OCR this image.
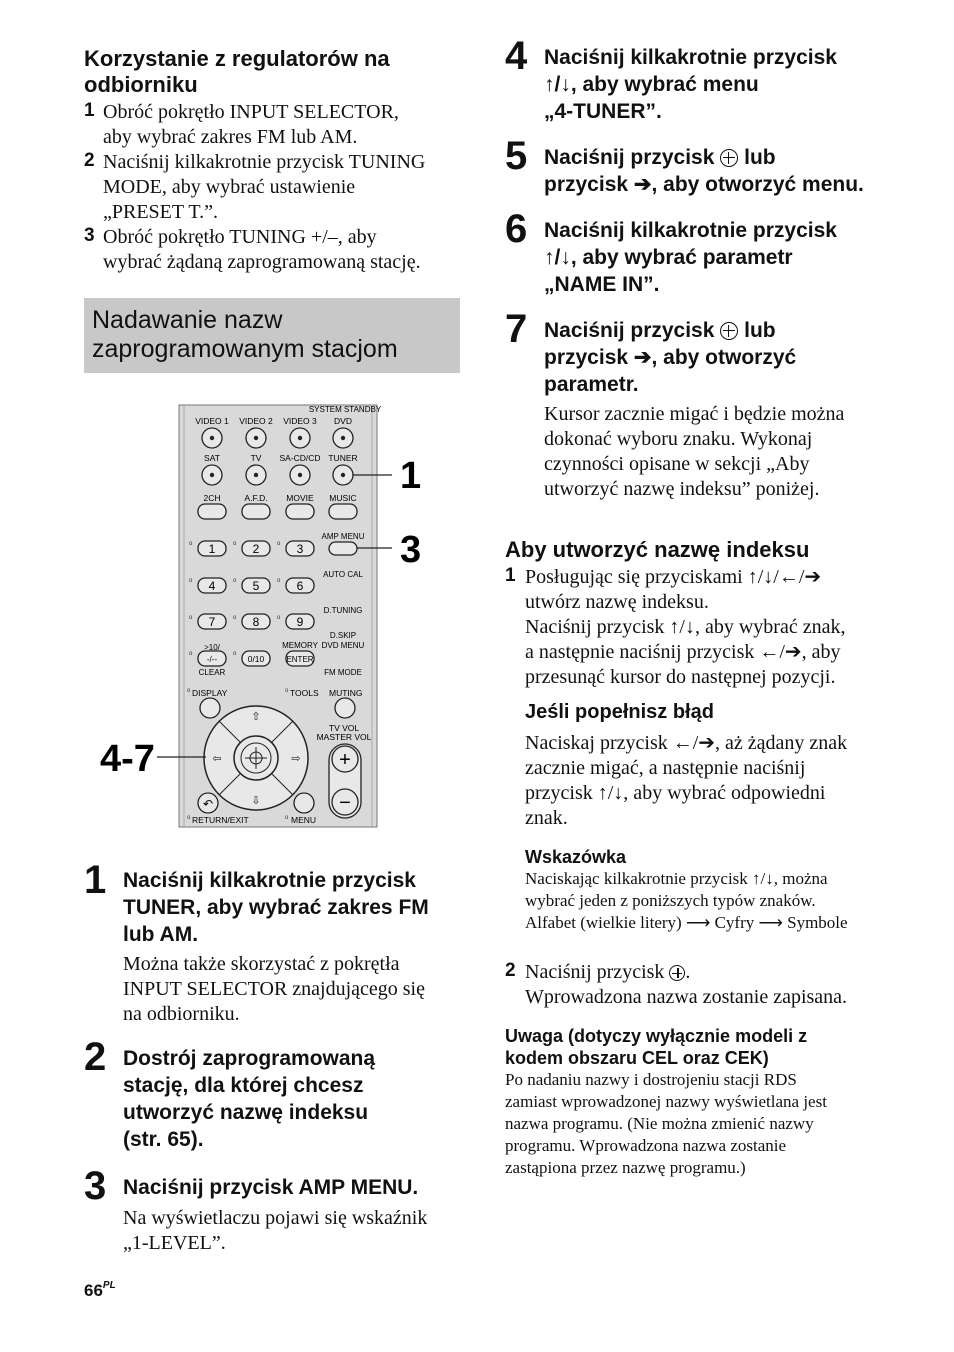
Korzystanie z regulatorów na
odbiorniku
1 Obróć pokrętło INPUT SELECTOR,
aby wybrać zakres FM lub AM.
2 Naciśnij kilkakrotnie przycisk TUNING
MODE, aby wybrać ustawienie
„PRESET T.”.
3 Obróć pokrętło TUNING +/–, aby
wybrać żądaną zaprogramowaną stację.
Nadawanie nazw
zaprogramowanym stacjom
SYSTEM STANDBY
VIDEO 1 VIDEO 2 VIDEO 3 DVD
SAT	TV SA-CD/CD TUNER
2CH	A.F.D. MOVIE MUSIC
AMP MENU
o	o	o
o	o	o
o	o	o
o	o
o	o
o	o
1	2	3
4	5	6
7	8	9
AUTO CAL
D.TUNING
D.SKIP
DVD MENU
FM MODE
MEMORY
>10/
-/--
CLEAR
0/10	ENTER
DISPLAY	TOOLS MUTING
⇧
⇩
⇦	⇨
TV VOL
MASTER VOL
+
−
↶
RETURN/EXIT	MENU
1
3
4-7
1 Naciśnij kilkakrotnie przycisk
TUNER, aby wybrać zakres FM
lub AM.
Można także skorzystać z pokrętła
INPUT SELECTOR znajdującego się
na odbiorniku.
2 Dostrój zaprogramowaną
stację, dla której chcesz
utworzyć nazwę indeksu
(str. 65).
3 Naciśnij przycisk AMP MENU.
Na wyświetlaczu pojawi się wskaźnik
„1-LEVEL”.
$66^{PL}$
4 Naciśnij kilkakrotnie przycisk
↑/↓, aby wybrać menu
„4-TUNER”.
5 Naciśnij przycisk lub
przycisk ➔, aby otworzyć menu.
6 Naciśnij kilkakrotnie przycisk
↑/↓, aby wybrać parametr
„NAME IN”.
7 Naciśnij przycisk lub
przycisk ➔, aby otworzyć
parametr.
Kursor zacznie migać i będzie można
dokonać wyboru znaku. Wykonaj
czynności opisane w sekcji „Aby
utworzyć nazwę indeksu” poniżej.
Aby utworzyć nazwę indeksu
1 Posługując się przyciskami ↑/↓/←/➔
utwórz nazwę indeksu.
Naciśnij przycisk ↑/↓, aby wybrać znak,
a następnie naciśnij przycisk ←/➔, aby
przesunąć kursor do następnej pozycji.
Jeśli popełnisz błąd
Naciskaj przycisk ←/➔, aż żądany znak
zacznie migać, a następnie naciśnij
przycisk ↑/↓, aby wybrać odpowiedni
znak.
Wskazówka
Naciskając kilkakrotnie przycisk ↑/↓, można
wybrać jeden z poniższych typów znaków.
Alfabet (wielkie litery) ⟶ Cyfry ⟶ Symbole
2 Naciśnij przycisk .
Wprowadzona nazwa zostanie zapisana.
Uwaga (dotyczy wyłącznie modeli z
kodem obszaru CEL oraz CEK)
Po nadaniu nazwy i dostrojeniu stacji RDS
zamiast wprowadzonej nazwy wyświetlana jest
nazwa programu. (Nie można zmienić nazwy
programu. Wprowadzona nazwa zostanie
zastąpiona przez nazwę programu.)
